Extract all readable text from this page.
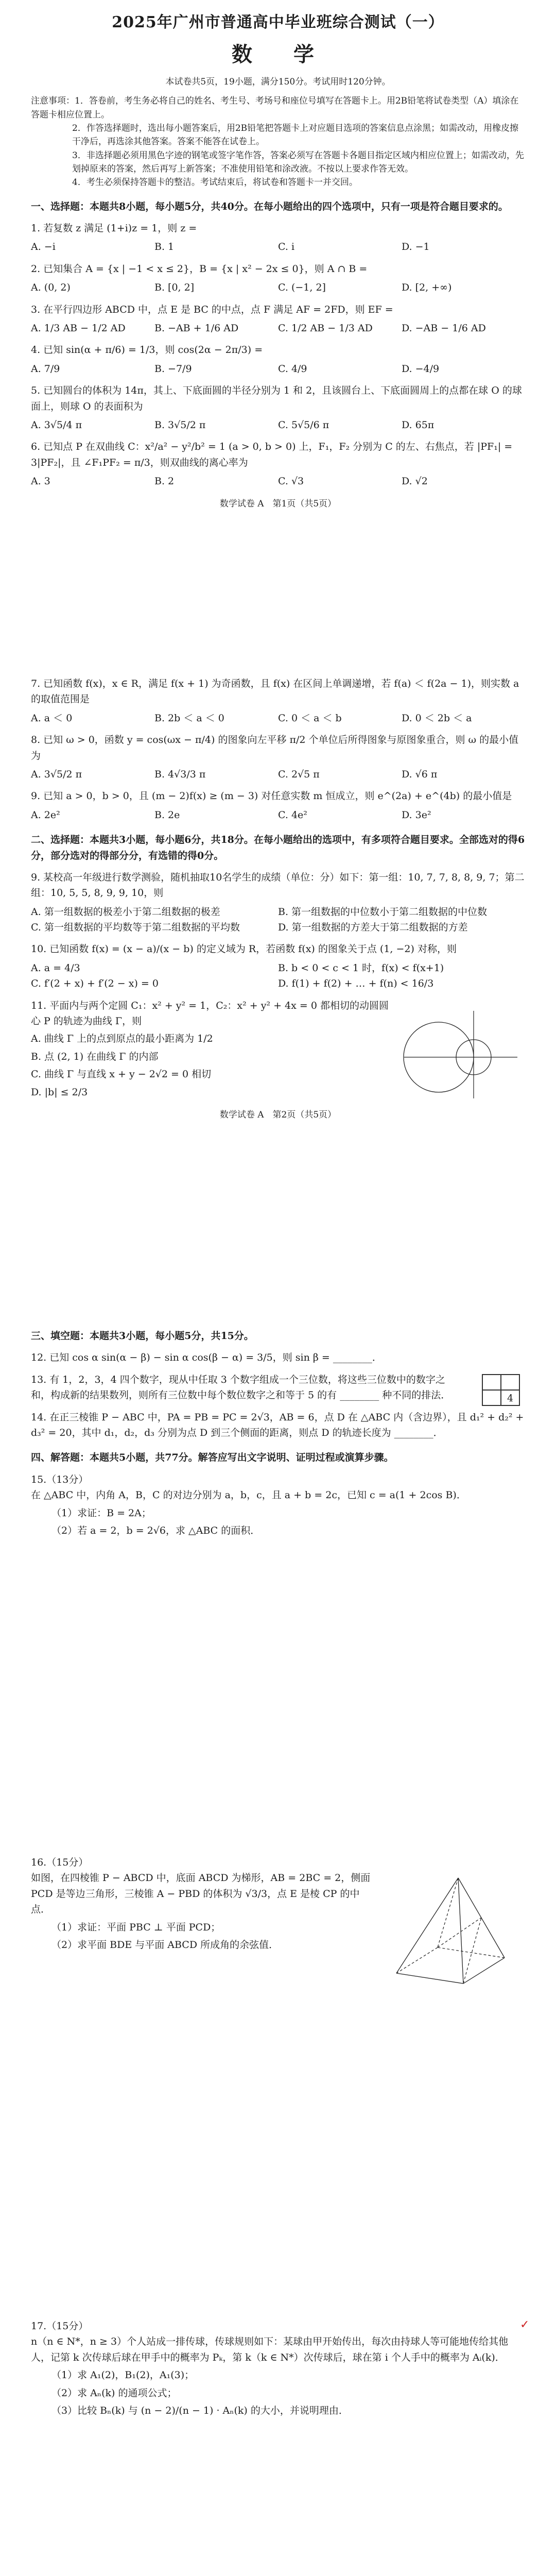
2025年广州市普通高中毕业班综合测试（一）
数　学
本试卷共5页，19小题，满分150分。考试用时120分钟。
注意事项：1．答卷前，考生务必将自己的姓名、考生号、考场号和座位号填写在答题卡上。用2B铅笔将试卷类型（A）填涂在答题卡相应位置上。
2．作答选择题时，选出每小题答案后，用2B铅笔把答题卡上对应题目选项的答案信息点涂黑；如需改动，用橡皮擦干净后，再选涂其他答案。答案不能答在试卷上。
3．非选择题必须用黑色字迹的钢笔或签字笔作答，答案必须写在答题卡各题目指定区域内相应位置上；如需改动，先划掉原来的答案，然后再写上新答案；不准使用铅笔和涂改液。不按以上要求作答无效。
4．考生必须保持答题卡的整洁。考试结束后，将试卷和答题卡一并交回。
一、选择题：本题共8小题，每小题5分，共40分。在每小题给出的四个选项中，只有一项是符合题目要求的。
1. 若复数 z 满足 (1+i)z = 1，则 z =
A. −i	B. 1	C. i	D. −1
2. 已知集合 A = {x | −1 < x ≤ 2}，B = {x | x² − 2x ≤ 0}，则 A ∩ B =
A. (0, 2)	B. [0, 2]	C. (−1, 2]	D. [2, +∞)
3. 在平行四边形 ABCD 中，点 E 是 BC 的中点，点 F 满足 AF = 2FD，则 EF =
A. 1/3 AB − 1/2 AD	B. −AB + 1/6 AD	C. 1/2 AB − 1/3 AD	D. −AB − 1/6 AD
4. 已知 sin(α + π/6) = 1/3，则 cos(2α − 2π/3) =
A. 7/9	B. −7/9	C. 4/9	D. −4/9
5. 已知圆台的体积为 14π，其上、下底面圆的半径分别为 1 和 2，且该圆台上、下底面圆周上的点都在球 O 的球面上，则球 O 的表面积为
A. 3√5/4 π	B. 3√5/2 π	C. 5√5/6 π	D. 65π
6. 已知点 P 在双曲线 C：x²/a² − y²/b² = 1 (a > 0, b > 0) 上，F₁，F₂ 分别为 C 的左、右焦点，若 |PF₁| = 3|PF₂|，且 ∠F₁PF₂ = π/3，则双曲线的离心率为
A. 3	B. 2	C. √3	D. √2
数学试卷 A　第1页（共5页）
7. 已知函数 f(x)，x ∈ R，满足 f(x + 1) 为奇函数，且 f(x) 在区间上单调递增，若 f(a) ＜ f(2a − 1)，则实数 a 的取值范围是
A. a ＜ 0	B. 2b ＜ a ＜ 0	C. 0 ＜ a ＜ b	D. 0 ＜ 2b ＜ a
8. 已知 ω > 0，函数 y = cos(ωx − π/4) 的图象向左平移 π/2 个单位后所得图象与原图象重合，则 ω 的最小值为
A. 3√5/2 π	B. 4√3/3 π	C. 2√5 π	D. √6 π
9. 已知 a > 0，b > 0，且 (m − 2)f(x) ≥ (m − 3) 对任意实数 m 恒成立，则 e^(2a) + e^(4b) 的最小值是
A. 2e²	B. 2e	C. 4e²	D. 3e²
二、选择题：本题共3小题，每小题6分，共18分。在每小题给出的选项中，有多项符合题目要求。全部选对的得6分，部分选对的得部分分，有选错的得0分。
9. 某校高一年级进行数学测验，随机抽取10名学生的成绩（单位：分）如下：第一组：10, 7, 7, 8, 8, 9, 7；第二组：10, 5, 5, 8, 9, 9, 10，则
A. 第一组数据的极差小于第二组数据的极差	B. 第一组数据的中位数小于第二组数据的中位数
C. 第一组数据的平均数等于第二组数据的平均数	D. 第一组数据的方差大于第二组数据的方差
10. 已知函数 f(x) = (x − a)/(x − b) 的定义域为 R，若函数 f(x) 的图象关于点 (1, −2) 对称，则
A. a = 4/3	B. b < 0 < c < 1 时，f(x) < f(x+1)
C. f′(2 + x) + f′(2 − x) = 0	D. f(1) + f(2) + … + f(n) < 16/3
11. 平面内与两个定圆 C₁：x² + y² = 1，C₂：x² + y² + 4x = 0 都相切的动圆圆心 P 的轨迹为曲线 Γ，则
A. 曲线 Γ 上的点到原点的最小距离为 1/2
B. 点 (2, 1) 在曲线 Γ 的内部
C. 曲线 Γ 与直线 x + y − 2√2 = 0 相切
D. |b| ≤ 2/3
数学试卷 A　第2页（共5页）
三、填空题：本题共3小题，每小题5分，共15分。
12. 已知 cos α sin(α − β) − sin α cos(β − α) = 3/5，则 sin β = ________．
13. 有 1，2，3，4 四个数字，现从中任取 3 个数字组成一个三位数，将这些三位数中的数字之和，构成新的结果数列，则所有三位数中每个数位数字之和等于 5 的有 ________ 种不同的排法．	4
14. 在正三棱锥 P − ABC 中，PA = PB = PC = 2√3，AB = 6，点 D 在 △ABC 内（含边界），且 d₁² + d₂² + d₃² = 20，其中 d₁，d₂，d₃ 分别为点 D 到三个侧面的距离，则点 D 的轨迹长度为 ________．
四、解答题：本题共5小题，共77分。解答应写出文字说明、证明过程或演算步骤。
15.（13分）
在 △ABC 中，内角 A，B，C 的对边分别为 a，b，c，且 a + b = 2c，已知 c = a(1 + 2cos B)．
（1）求证：B = 2A；
（2）若 a = 2，b = 2√6，求 △ABC 的面积．
16.（15分）
如图，在四棱锥 P − ABCD 中，底面 ABCD 为梯形，AB = 2BC = 2，侧面 PCD 是等边三角形，三棱锥 A − PBD 的体积为 √3/3，点 E 是棱 CP 的中点．
（1）求证：平面 PBC ⊥ 平面 PCD；
（2）求平面 BDE 与平面 ABCD 所成角的余弦值．
17.（15分）
n（n ∈ N*，n ≥ 3）个人站成一排传球，传球规则如下：某球由甲开始传出，每次由持球人等可能地传给其他人，记第 k 次传球后球在甲手中的概率为 Pₖ，第 k（k ∈ N*）次传球后，球在第 i 个人手中的概率为 Aᵢ(k)．
（1）求 A₁(2)，B₁(2)，A₁(3)；
（2）求 Aₙ(k) 的通项公式；
（3）比较 Bₙ(k) 与 (n − 2)/(n − 1) · Aₙ(k) 的大小，并说明理由．
✓
